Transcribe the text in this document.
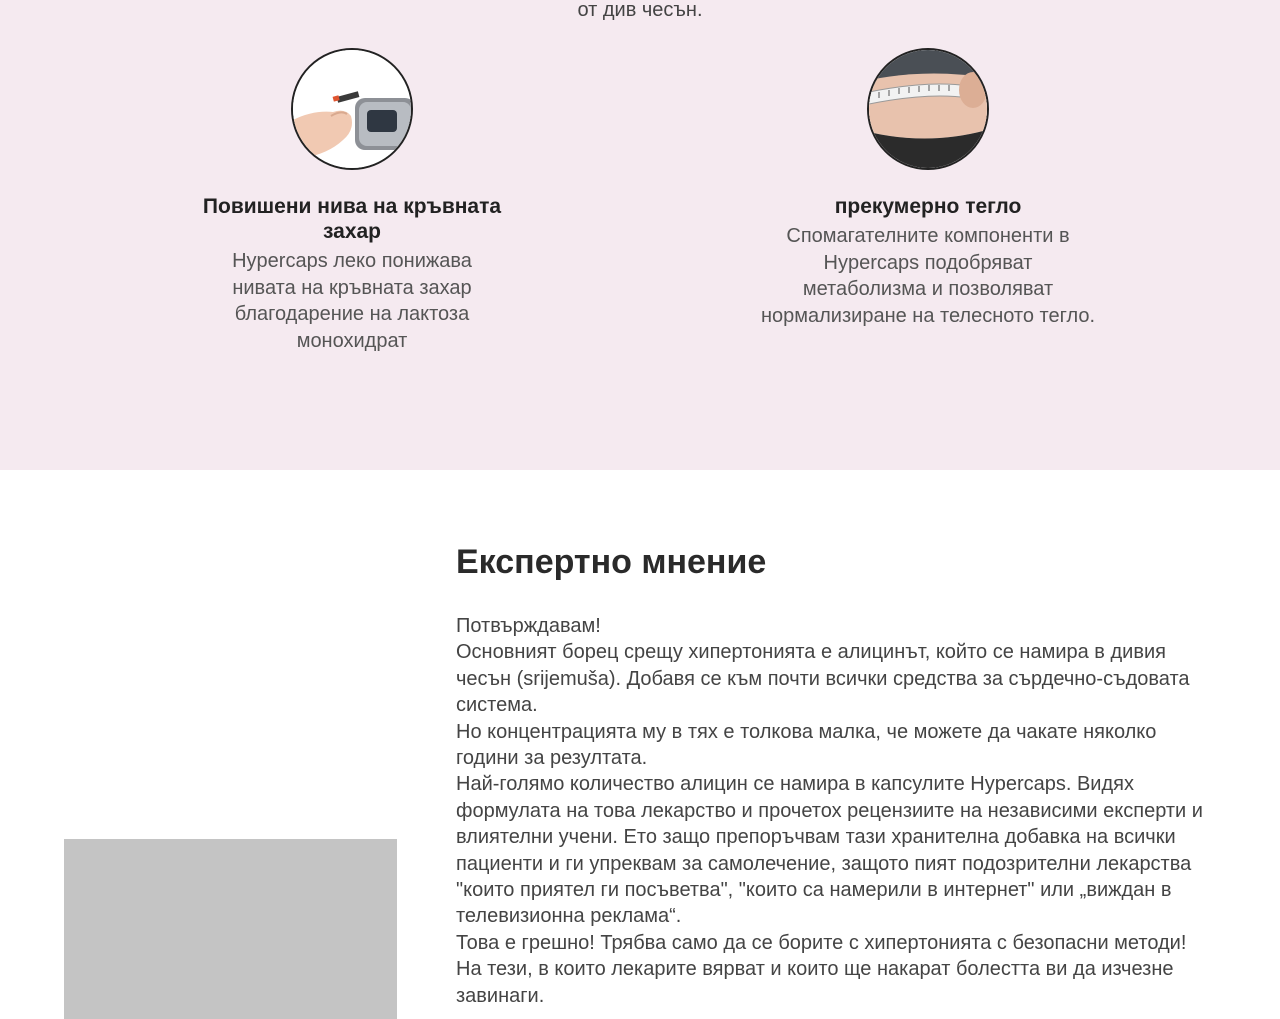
от див чесън.
Повишени нива на кръвната захар

Hypercaps леко понижава нивата на кръвната захар благодарение на лактоза монохидрат

прекумерно тегло

Спомагателните компоненти в Hypercaps подобряват метаболизма и позволяват нормализиране на телесното тегло.

Експертно мнение
Потвърждавам!
Основният борец срещу хипертонията е алицинът, който се намира в дивия чесън (srijemuša). Добавя се към почти всички средства за сърдечно-съдовата система.
Но концентрацията му в тях е толкова малка, че можете да чакате няколко години за резултата.
Най-голямо количество алицин се намира в капсулите Hypercaps. Видях формулата на това лекарство и прочетох рецензиите на независими експерти и влиятелни учени. Ето защо препоръчвам тази хранителна добавка на всички пациенти и ги упреквам за самолечение, защото пият подозрителни лекарства "които приятел ги посъветва", "които са намерили в интернет" или „виждан в телевизионна реклама“.
Това е грешно! Трябва само да се борите с хипертонията с безопасни методи! На тези, в които лекарите вярват и които ще накарат болестта ви да изчезне завинаги.
